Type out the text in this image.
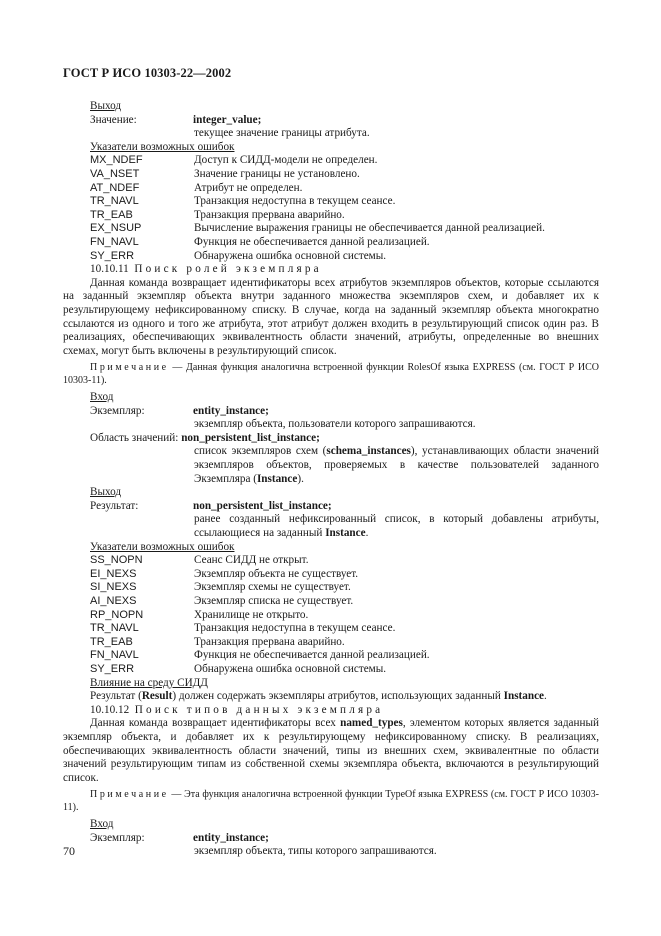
ГОСТ Р ИСО 10303-22—2002
Выход
Значение:	integer_value;
текущее значение границы атрибута.
Указатели возможных ошибок
MX_NDEF	Доступ к СИДД-модели не определен.
VA_NSET	Значение границы не установлено.
AT_NDEF	Атрибут не определен.
TR_NAVL	Транзакция недоступна в текущем сеансе.
TR_EAB	Транзакция прервана аварийно.
EX_NSUP	Вычисление выражения границы не обеспечивается данной реализацией.
FN_NAVL	Функция не обеспечивается данной реализацией.
SY_ERR	Обнаружена ошибка основной системы.
10.10.11 Поиск ролей экземпляра
Данная команда возвращает идентификаторы всех атрибутов экземпляров объектов, которые ссылаются на заданный экземпляр объекта внутри заданного множества экземпляров схем, и добавляет их к результирующему нефиксированному списку. В случае, когда на заданный экземпляр объекта многократно ссылаются из одного и того же атрибута, этот атрибут должен входить в результирующий список один раз. В реализациях, обеспечивающих эквивалентность области значений, атрибуты, определенные во внешних схемах, могут быть включены в результирующий список.
Примечание — Данная функция аналогична встроенной функции RolesOf языка EXPRESS (см. ГОСТ Р ИСО 10303-11).
Вход
Экземпляр:	entity_instance;
экземпляр объекта, пользователи которого запрашиваются.
Область значений:
non_persistent_list_instance;
список экземпляров схем (schema_instances), устанавливающих области значений экземпляров объектов, проверяемых в качестве пользователей заданного Экземпляра (Instance).
Выход
Результат:	non_persistent_list_instance;
ранее созданный нефиксированный список, в который добавлены атрибуты, ссылающиеся на заданный Instance.
Указатели возможных ошибок
SS_NOPN	Сеанс СИДД не открыт.
EI_NEXS	Экземпляр объекта не существует.
SI_NEXS	Экземпляр схемы не существует.
AI_NEXS	Экземпляр списка не существует.
RP_NOPN	Хранилище не открыто.
TR_NAVL	Транзакция недоступна в текущем сеансе.
TR_EAB	Транзакция прервана аварийно.
FN_NAVL	Функция не обеспечивается данной реализацией.
SY_ERR	Обнаружена ошибка основной системы.
Влияние на среду СИДД
Результат (Result) должен содержать экземпляры атрибутов, использующих заданный Instance.
10.10.12 Поиск типов данных экземпляра
Данная команда возвращает идентификаторы всех named_types, элементом которых является заданный экземпляр объекта, и добавляет их к результирующему нефиксированному списку. В реализациях, обеспечивающих эквивалентность области значений, типы из внешних схем, эквивалентные по области значений результирующим типам из собственной схемы экземпляра объекта, включаются в результирующий список.
Примечание — Эта функция аналогична встроенной функции TypeOf языка EXPRESS (см. ГОСТ Р ИСО 10303-11).
Вход
Экземпляр:	entity_instance;
экземпляр объекта, типы которого запрашиваются.
70
